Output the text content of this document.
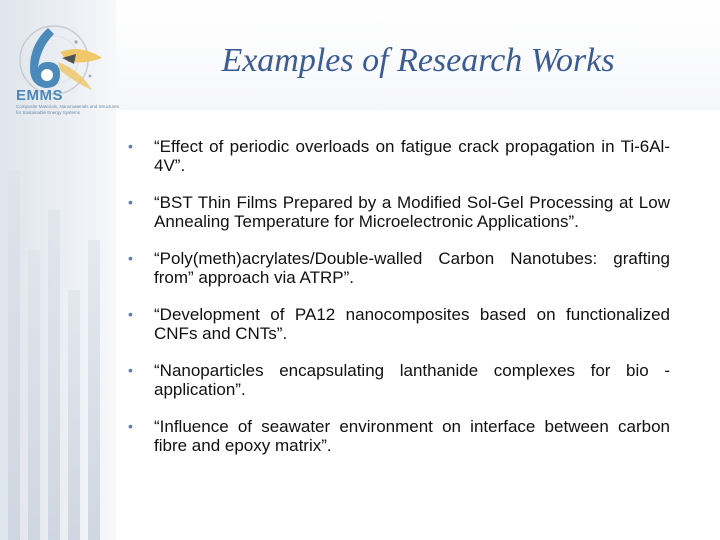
EMMS
Composite Materials, Nanomaterials and Structures
for Sustainable Energy Systems
Examples of Research Works
• “Effect of periodic overloads on fatigue crack propagation in Ti-6Al-4V”.
• “BST Thin Films Prepared by a Modified Sol-Gel Processing at Low Annealing Temperature for Microelectronic Applications”.
• “Poly(meth)acrylates/Double-walled Carbon Nanotubes: grafting from” approach via ATRP”.
• “Development of PA12 nanocomposites based on functionalized CNFs and CNTs”.
• “Nanoparticles encapsulating lanthanide complexes for bio -application”.
• “Influence of seawater environment on interface between carbon fibre and epoxy matrix”.
